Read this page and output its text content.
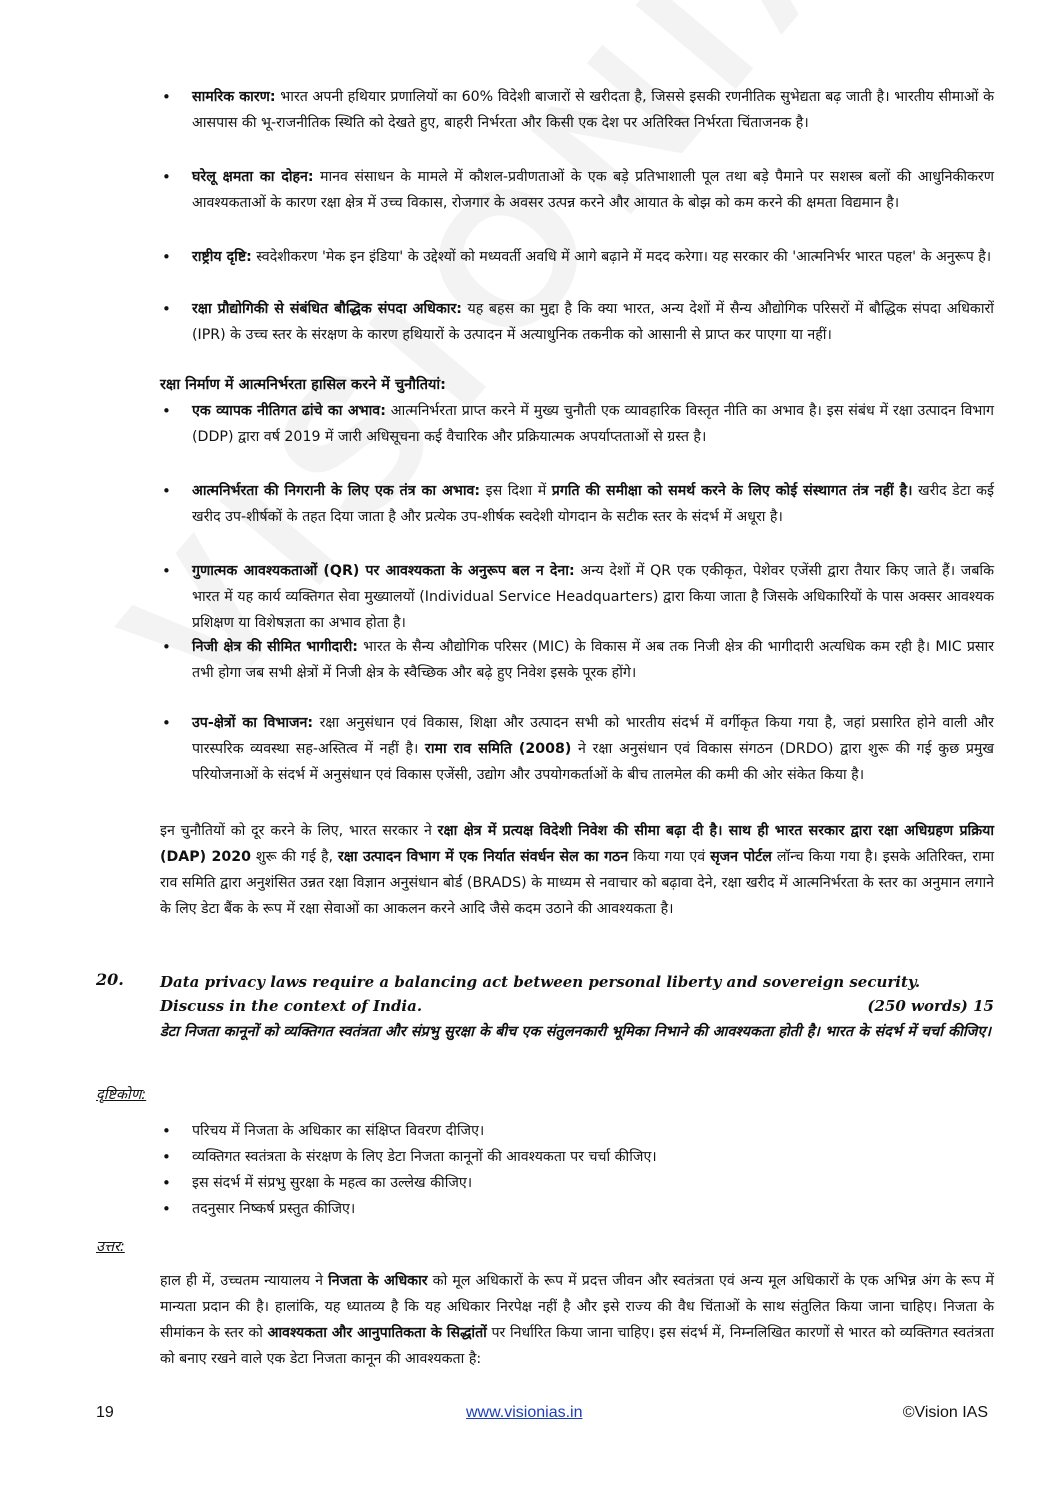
• सामरिक कारण: भारत अपनी हथियार प्रणालियों का 60% विदेशी बाजारों से खरीदता है, जिससे इसकी रणनीतिक सुभेद्यता बढ़ जाती है। भारतीय सीमाओं के आसपास की भू-राजनीतिक स्थिति को देखते हुए, बाहरी निर्भरता और किसी एक देश पर अतिरिक्त निर्भरता चिंताजनक है।
• घरेलू क्षमता का दोहन: मानव संसाधन के मामले में कौशल-प्रवीणताओं के एक बड़े प्रतिभाशाली पूल तथा बड़े पैमाने पर सशस्त्र बलों की आधुनिकीकरण आवश्यकताओं के कारण रक्षा क्षेत्र में उच्च विकास, रोजगार के अवसर उत्पन्न करने और आयात के बोझ को कम करने की क्षमता विद्यमान है।
• राष्ट्रीय दृष्टि: स्वदेशीकरण 'मेक इन इंडिया' के उद्देश्यों को मध्यवर्ती अवधि में आगे बढ़ाने में मदद करेगा। यह सरकार की 'आत्मनिर्भर भारत पहल' के अनुरूप है।
• रक्षा प्रौद्योगिकी से संबंधित बौद्धिक संपदा अधिकार: यह बहस का मुद्दा है कि क्या भारत, अन्य देशों में सैन्य औद्योगिक परिसरों में बौद्धिक संपदा अधिकारों (IPR) के उच्च स्तर के संरक्षण के कारण हथियारों के उत्पादन में अत्याधुनिक तकनीक को आसानी से प्राप्त कर पाएगा या नहीं।
रक्षा निर्माण में आत्मनिर्भरता हासिल करने में चुनौतियां:
• एक व्यापक नीतिगत ढांचे का अभाव: आत्मनिर्भरता प्राप्त करने में मुख्य चुनौती एक व्यावहारिक विस्तृत नीति का अभाव है। इस संबंध में रक्षा उत्पादन विभाग (DDP) द्वारा वर्ष 2019 में जारी अधिसूचना कई वैचारिक और प्रक्रियात्मक अपर्याप्तताओं से ग्रस्त है।
• आत्मनिर्भरता की निगरानी के लिए एक तंत्र का अभाव: इस दिशा में प्रगति की समीक्षा को समर्थ करने के लिए कोई संस्थागत तंत्र नहीं है। खरीद डेटा कई खरीद उप-शीर्षकों के तहत दिया जाता है और प्रत्येक उप-शीर्षक स्वदेशी योगदान के सटीक स्तर के संदर्भ में अधूरा है।
• गुणात्मक आवश्यकताओं (QR) पर आवश्यकता के अनुरूप बल न देना: अन्य देशों में QR एक एकीकृत, पेशेवर एजेंसी द्वारा तैयार किए जाते हैं। जबकि भारत में यह कार्य व्यक्तिगत सेवा मुख्यालयों (Individual Service Headquarters) द्वारा किया जाता है जिसके अधिकारियों के पास अक्सर आवश्यक प्रशिक्षण या विशेषज्ञता का अभाव होता है।
• निजी क्षेत्र की सीमित भागीदारी: भारत के सैन्य औद्योगिक परिसर (MIC) के विकास में अब तक निजी क्षेत्र की भागीदारी अत्यधिक कम रही है। MIC प्रसार तभी होगा जब सभी क्षेत्रों में निजी क्षेत्र के स्वैच्छिक और बढ़े हुए निवेश इसके पूरक होंगे।
• उप-क्षेत्रों का विभाजन: रक्षा अनुसंधान एवं विकास, शिक्षा और उत्पादन सभी को भारतीय संदर्भ में वर्गीकृत किया गया है, जहां प्रसारित होने वाली और पारस्परिक व्यवस्था सह-अस्तित्व में नहीं है। रामा राव समिति (2008) ने रक्षा अनुसंधान एवं विकास संगठन (DRDO) द्वारा शुरू की गई कुछ प्रमुख परियोजनाओं के संदर्भ में अनुसंधान एवं विकास एजेंसी, उद्योग और उपयोगकर्ताओं के बीच तालमेल की कमी की ओर संकेत किया है।

इन चुनौतियों को दूर करने के लिए, भारत सरकार ने रक्षा क्षेत्र में प्रत्यक्ष विदेशी निवेश की सीमा बढ़ा दी है। साथ ही भारत सरकार द्वारा रक्षा अधिग्रहण प्रक्रिया (DAP) 2020 शुरू की गई है, रक्षा उत्पादन विभाग में एक निर्यात संवर्धन सेल का गठन किया गया एवं सृजन पोर्टल लॉन्च किया गया है। इसके अतिरिक्त, रामा राव समिति द्वारा अनुशंसित उन्नत रक्षा विज्ञान अनुसंधान बोर्ड (BRADS) के माध्यम से नवाचार को बढ़ावा देने, रक्षा खरीद में आत्मनिर्भरता के स्तर का अनुमान लगाने के लिए डेटा बैंक के रूप में रक्षा सेवाओं का आकलन करने आदि जैसे कदम उठाने की आवश्यकता है।

20. Data privacy laws require a balancing act between personal liberty and sovereign security.
Discuss in the context of India.	(250 words) 15
डेटा निजता कानूनों को व्यक्तिगत स्वतंत्रता और संप्रभु सुरक्षा के बीच एक संतुलनकारी भूमिका निभाने की आवश्यकता होती है। भारत के संदर्भ में चर्चा कीजिए।
दृष्टिकोण:
• परिचय में निजता के अधिकार का संक्षिप्त विवरण दीजिए।
• व्यक्तिगत स्वतंत्रता के संरक्षण के लिए डेटा निजता कानूनों की आवश्यकता पर चर्चा कीजिए।
• इस संदर्भ में संप्रभु सुरक्षा के महत्व का उल्लेख कीजिए।
• तदनुसार निष्कर्ष प्रस्तुत कीजिए।
उत्तर:

हाल ही में, उच्चतम न्यायालय ने निजता के अधिकार को मूल अधिकारों के रूप में प्रदत्त जीवन और स्वतंत्रता एवं अन्य मूल अधिकारों के एक अभिन्न अंग के रूप में मान्यता प्रदान की है। हालांकि, यह ध्यातव्य है कि यह अधिकार निरपेक्ष नहीं है और इसे राज्य की वैध चिंताओं के साथ संतुलित किया जाना चाहिए। निजता के सीमांकन के स्तर को आवश्यकता और आनुपातिकता के सिद्धांतों पर निर्धारित किया जाना चाहिए। इस संदर्भ में, निम्नलिखित कारणों से भारत को व्यक्तिगत स्वतंत्रता को बनाए रखने वाले एक डेटा निजता कानून की आवश्यकता है:

19	www.visionias.in	©Vision IAS
